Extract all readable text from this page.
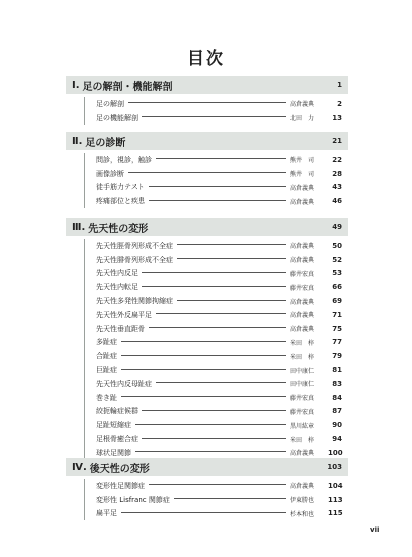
目次
Ⅰ. 足の解剖・機能解剖	1
足の解剖	高倉義典	2
足の機能解剖	北田　力	13
Ⅱ. 足の診断	21
問診，視診，触診	熊井　司	22
画像診断	熊井　司	28
徒手筋力テスト	高倉義典	43
疼痛部位と疾患	高倉義典	46
Ⅲ. 先天性の変形	49
先天性脛骨列形成不全症	高倉義典	50
先天性腓骨列形成不全症	高倉義典	52
先天性内反足	藤井宏真	53
先天性内転足	藤井宏真	66
先天性多発性関節拘縮症	高倉義典	69
先天性外反扁平足	高倉義典	71
先天性垂直距骨	高倉義典	75
多趾症	米田　梓	77
合趾症	米田　梓	79
巨趾症	田中康仁	81
先天性内反母趾症	田中康仁	83
巻き趾	藤井宏真	84
絞扼輪症候群	藤井宏真	87
足趾短縮症	黒川紘章	90
足根骨癒合症	米田　梓	94
球状足関節	高倉義典	100
Ⅳ. 後天性の変形	103
変形性足関節症	高倉義典	104
変形性 Lisfranc 関節症	伊東勝也	113
扁平足	杉本和也	115
vii
